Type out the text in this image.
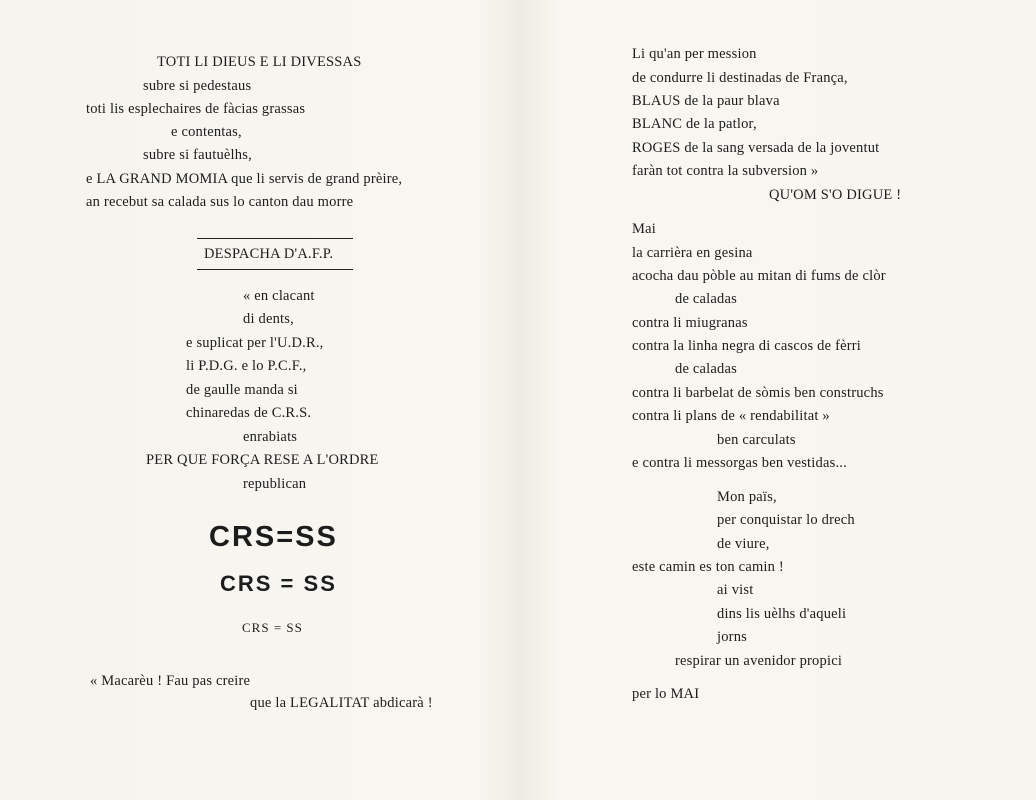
TOTI LI DIEUS E LI DIVESSAS
subre si pedestaus
toti lis esplechaires de fàcias grassas
e contentas,
subre si fautuèlhs,
e LA GRAND MOMIA que li servis de grand prèire,
an recebut sa calada sus lo canton dau morre
DESPACHA D'A.F.P.
« en clacant
di dents,
e suplicat per l'U.D.R.,
li P.D.G. e lo P.C.F.,
de gaulle manda si
chinaredas de C.R.S.
enrabiats
PER QUE FORÇA RESE A L'ORDRE
republican
CRS=SS
CRS = SS
CRS = SS
« Macarèu ! Fau pas creire
que la LEGALITAT abdicarà !
Li qu'an per mession
de condurre li destinadas de França,
BLAUS de la paur blava
BLANC de la patlor,
ROGES de la sang versada de la joventut
faràn tot contra la subversion »
QU'OM S'O DIGUE !
Mai
la carrièra en gesina
acocha dau pòble au mitan di fums de clòr
de caladas
contra li miugranas
contra la linha negra di cascos de fèrri
de caladas
contra li barbelat de sòmis ben construchs
contra li plans de « rendabilitat »
ben carculats
e contra li messorgas ben vestidas...
Mon païs,
per conquistar lo drech
de viure,
este camin es ton camin !
ai vist
dins lis uèlhs d'aqueli
jorns
respirar un avenidor propici
per lo MAI
